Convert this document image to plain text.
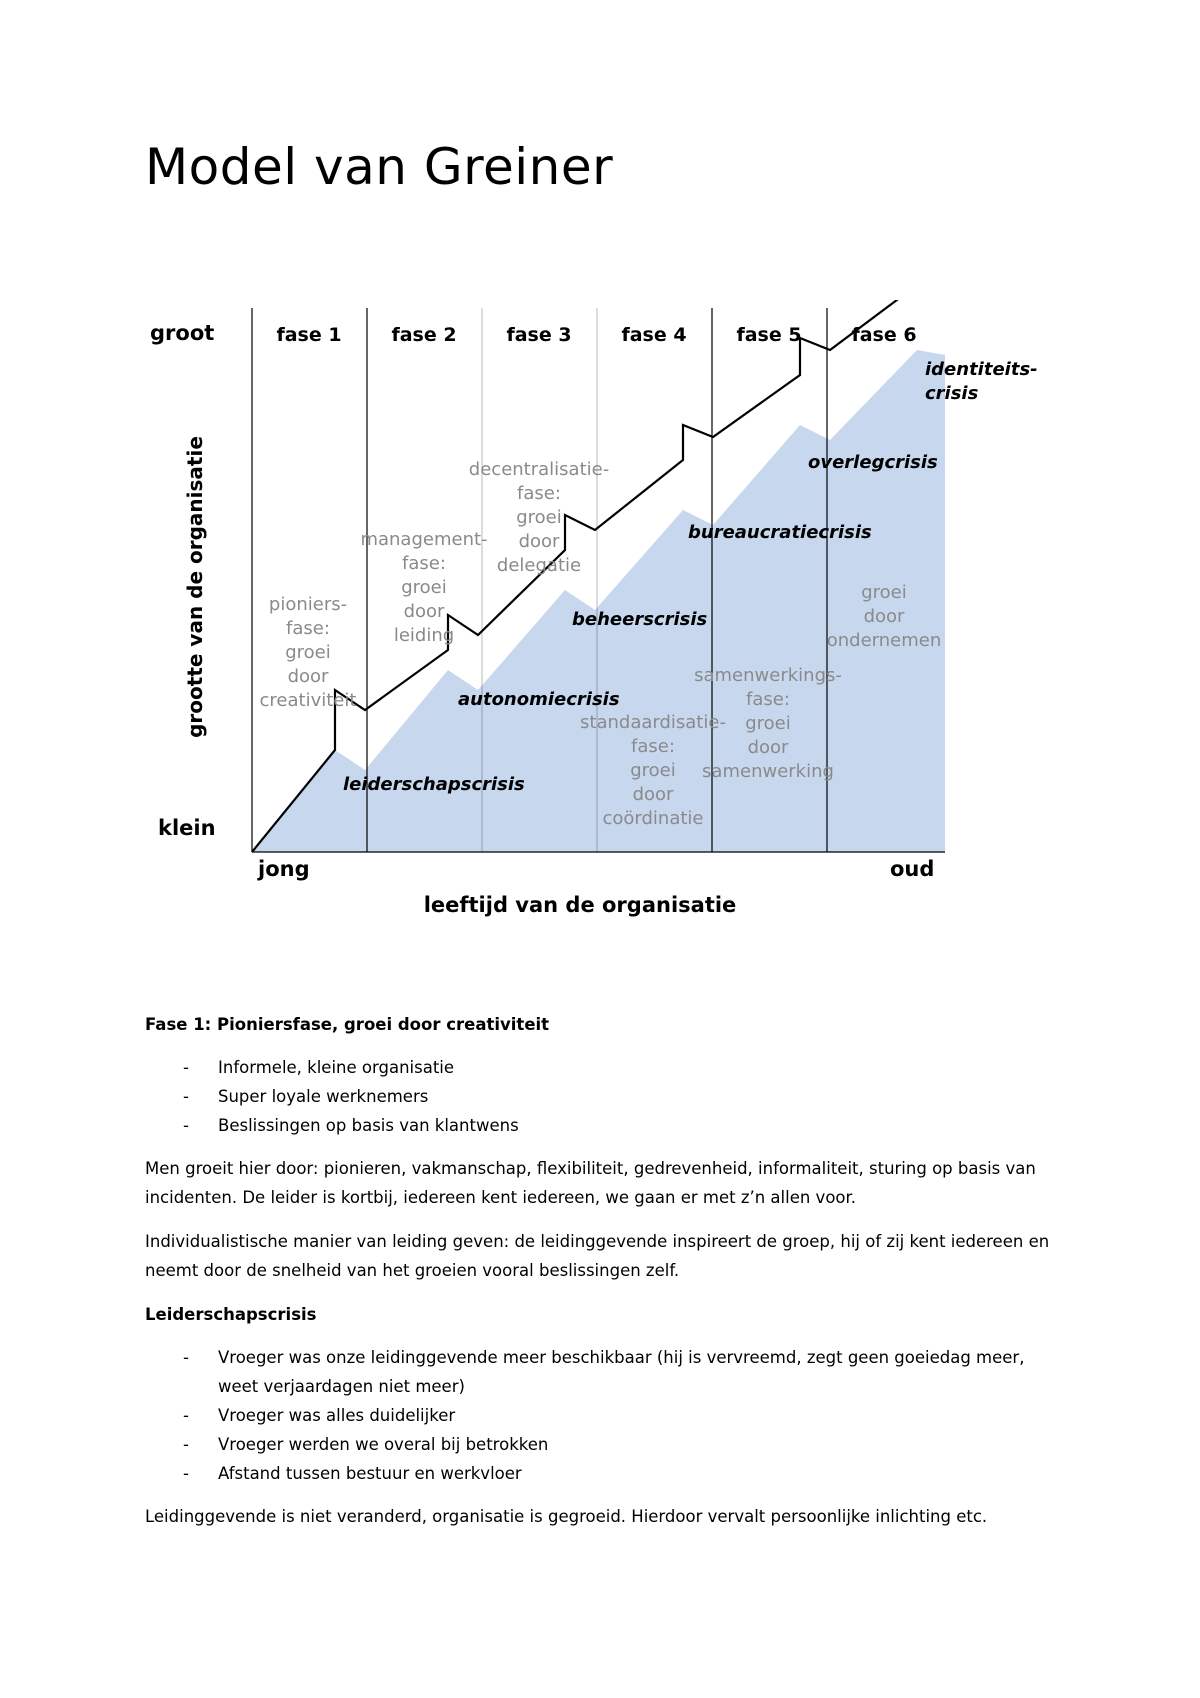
Model van Greiner
groot
klein
grootte van de organisatie
jong	oud
leeftijd van de organisatie
fase 1	fase 2	fase 3	fase 4	fase 5	fase 6
leiderschapscrisis
autonomiecrisis
beheerscrisis
bureaucratiecrisis
overlegcrisis
identiteits-
crisis
pioniers-
fase:
groei
door
creativiteit
management-
fase:
groei
door
leiding
decentralisatie-
fase:
groei
door
delegatie
standaardisatie-
fase:
groei
door
coördinatie
samenwerkings-
fase:
groei
door
samenwerking
groei
door
ondernemen
Fase 1: Pioniersfase, groei door creativiteit
- Informele, kleine organisatie
- Super loyale werknemers
- Beslissingen op basis van klantwens

Men groeit hier door: pionieren, vakmanschap, flexibiliteit, gedrevenheid, informaliteit, sturing op basis van incidenten. De leider is kortbij, iedereen kent iedereen, we gaan er met z’n allen voor.

Individualistische manier van leiding geven: de leidinggevende inspireert de groep, hij of zij kent iedereen en neemt door de snelheid van het groeien vooral beslissingen zelf.

Leiderschapscrisis
- Vroeger was onze leidinggevende meer beschikbaar (hij is vervreemd, zegt geen goeiedag meer, weet verjaardagen niet meer)
- Vroeger was alles duidelijker
- Vroeger werden we overal bij betrokken
- Afstand tussen bestuur en werkvloer

Leidinggevende is niet veranderd, organisatie is gegroeid. Hierdoor vervalt persoonlijke inlichting etc.
